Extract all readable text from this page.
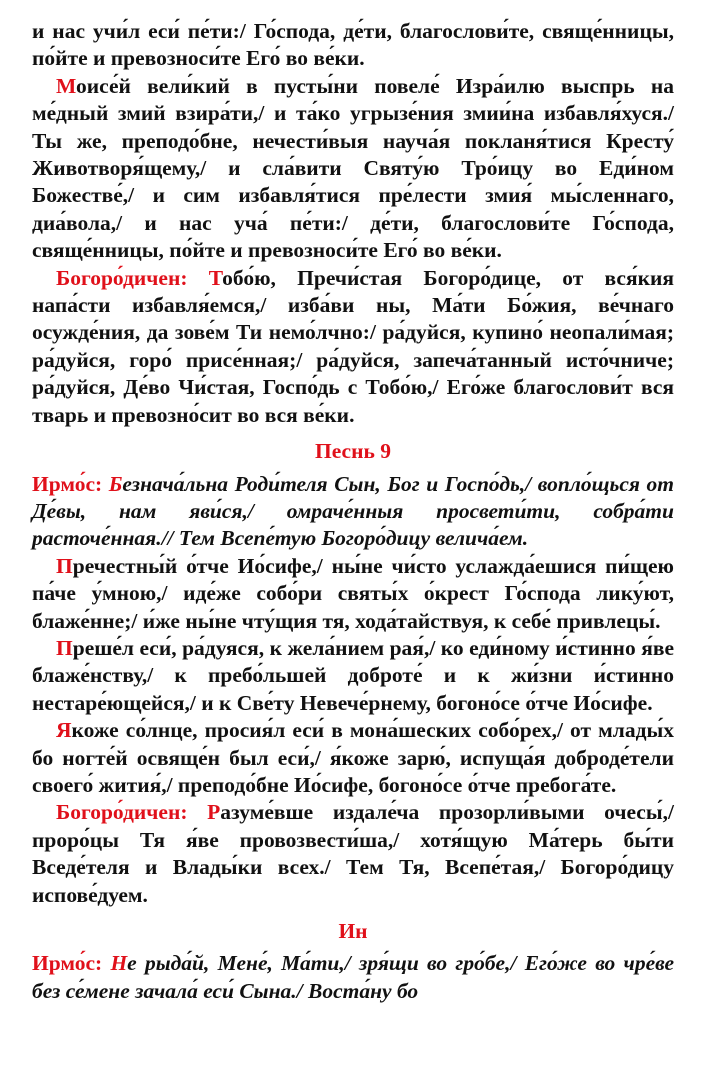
и нас учи́л еси́ пе́ти:/ Го́спода, де́ти, благослови́те, свяще́нницы, по́йте и превозноси́те Его́ во ве́ки.

Моисе́й вели́кий в пусты́ни повеле́ Изра́илю выспрь на ме́дный змий взира́ти,/ и та́ко угрызе́ния змии́на избавля́хуся./ Ты же, преподо́бне, нечести́выя науча́я покланя́тися Кресту́ Животворя́щему,/ и сла́вити Святу́ю Тро́ицу во Еди́ном Божестве́,/ и сим избавля́тися пре́лести змия́ мы́сленнаго, диа́вола,/ и нас уча́ пе́ти:/ де́ти, благослови́те Го́спода, свяще́нницы, по́йте и превозноси́те Его́ во ве́ки.

Богоро́дичен: Тобо́ю, Пречи́стая Богоро́дице, от вся́кия напа́сти избавля́емся,/ изба́ви ны, Ма́ти Бо́жия, ве́чнаго осужде́ния, да зове́м Ти немо́лчно:/ ра́дуйся, купино́ неопали́мая; ра́дуйся, горо́ присе́нная;/ ра́дуйся, запеча́танный исто́чниче; ра́дуйся, Де́во Чи́стая, Госпо́дь с Тобо́ю,/ Его́же благослови́т вся тварь и превозно́сит во вся ве́ки.

Песнь 9

Ирмо́с: Безнача́льна Роди́теля Сын, Бог и Госпо́дь,/ вопло́щься от Де́вы, нам яви́ся,/ омраче́нныя просвети́ти, собра́ти расточе́нная.// Тем Всепе́тую Богоро́дицу велича́ем.

Пречестны́й о́тче Ио́сифе,/ ны́не чи́сто услажда́ешися пи́щею па́че у́мною,/ иде́же собо́ри святы́х о́крест Го́спода лику́ют, блаже́нне;/ и́же ны́не чту́щия тя, хода́тайствуя, к себе́ привлецы́.

Преше́л еси́, ра́дуяся, к жела́нием рая́,/ ко еди́ному и́стинно я́ве блаже́нству,/ к пребо́льшей доброте́ и к жи́зни и́стинно нестаре́ющейся,/ и к Све́ту Невече́рнему, богоно́се о́тче Ио́сифе.

Якоже со́лнце, просия́л еси́ в мона́шеских собо́рех,/ от млады́х бо ногте́й освяще́н был еси́,/ я́коже зарю́, испуща́я доброде́тели своего́ жития́,/ преподо́бне Ио́сифе, богоно́се о́тче пребога́те.

Богоро́дичен: Разуме́вше издале́ча прозорли́выми очесы́,/ проро́цы Тя я́ве провозвести́ша,/ хотя́щую Ма́терь бы́ти Вседе́теля и Влады́ки всех./ Тем Тя, Всепе́тая,/ Богоро́дицу испове́дуем.

Ин

Ирмо́с: Не рыда́й, Мене́, Ма́ти,/ зря́щи во гро́бе,/ Его́же во чре́ве без се́мене зачала́ еси́ Сына./ Воста́ну бо
